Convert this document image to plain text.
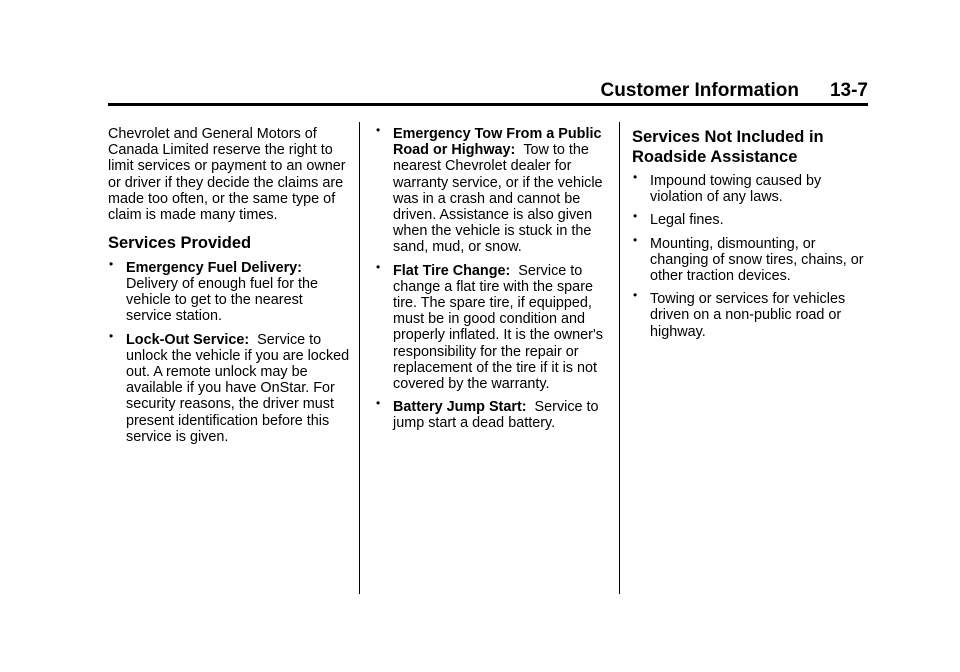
Customer Information 13-7

Chevrolet and General Motors of Canada Limited reserve the right to limit services or payment to an owner or driver if they decide the claims are made too often, or the same type of claim is made many times.

Services Provided
• Emergency Fuel Delivery:
Delivery of enough fuel for the vehicle to get to the nearest service station.
• Lock-Out Service: Service to unlock the vehicle if you are locked out. A remote unlock may be available if you have OnStar. For security reasons, the driver must present identification before this service is given.
• Emergency Tow From a Public Road or Highway: Tow to the nearest Chevrolet dealer for warranty service, or if the vehicle was in a crash and cannot be driven. Assistance is also given when the vehicle is stuck in the sand, mud, or snow.
• Flat Tire Change: Service to change a flat tire with the spare tire. The spare tire, if equipped, must be in good condition and properly inflated. It is the owner's responsibility for the repair or replacement of the tire if it is not covered by the warranty.
• Battery Jump Start: Service to jump start a dead battery.
Services Not Included in Roadside Assistance
• Impound towing caused by violation of any laws.
• Legal fines.
• Mounting, dismounting, or changing of snow tires, chains, or other traction devices.
• Towing or services for vehicles driven on a non-public road or highway.
